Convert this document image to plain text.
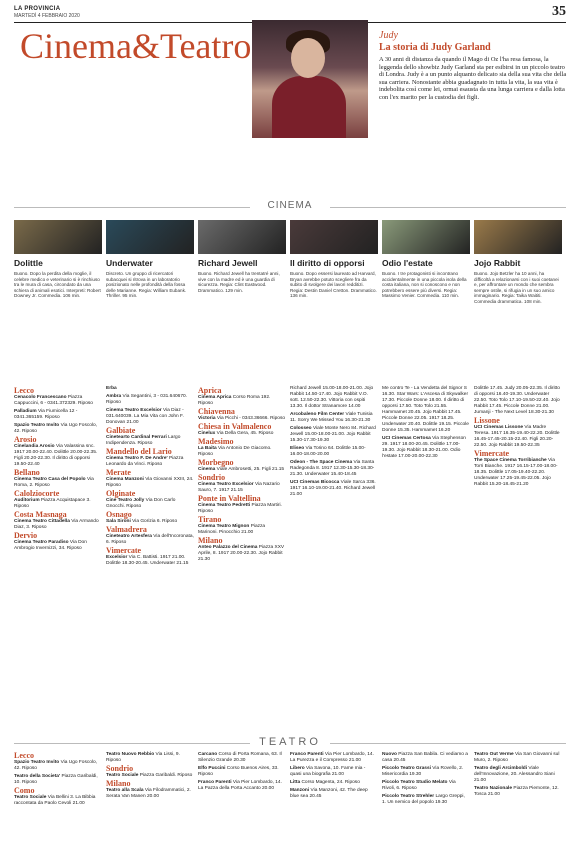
LA PROVINCIA
MARTEDÌ 4 FEBBRAIO 2020	35
Cinema&Teatro	Judy
La storia di Judy Garland

A 30 anni di distanza da quando il Mago di Oz l'ha resa famosa, la leggenda dello showbiz Judy Garland sta per esibirsi in un piccolo teatro di Londra. Judy è a un punto alquanto delicato sia della sua vita che della sua carriera. Nonostante abbia guadagnato in tutta la vita, la sua vita è indebolita così come lei, ormai esausta da una lunga carriera e dalla lotta con l'ex marito per la custodia dei figli.

CINEMA
Dolittle
Buono. Dopo la perdita della moglie, il celebre medico e veterinario si è rinchiuso tra le mura di casa, circondato da una schiera di animali esotici. Interpreti: Robert Downey Jr. Commedia. 106 min.
Underwater
Discreto. Un gruppo di ricercatori subacquei si ritrova in un laboratorio posizionato nelle profondità della fossa delle Marianne. Regia: William Eubank. Thriller. 95 min.
Richard Jewell
Buono. Richard Jewell ha trentatré anni, vive con la madre ed è una guardia di sicurezza. Regia: Clint Eastwood. Drammatico. 129 min.
Il diritto di opporsi
Buono. Dopo essersi laureato ad Harvard, Bryan avrebbe potuto scegliere fra da subito di svolgere dei lavori redditizi. Regia: Destin Daniel Cretton. Drammatico. 136 min.
Odio l'estate
Buono. I tre protagonisti si incontrano accidentalmente in una piccola isola della costa italiana, non si conoscono e non potrebbero essere più diversi. Regia: Massimo Venier. Commedia. 110 min.
Jojo Rabbit
Buono. Jojo Betzler ha 10 anni, ha difficoltà a relazionarsi con i suoi coetanei e, per affrontare un mondo che sembra sempre ostile, si rifugia in un suo amico immaginario. Regia: Taika Waititi. Commedia drammatica. 108 min.
Lecco

Cenacolo Francescano Piazza Cappuccini, 6 - 0341.372329. Riposo

Palladium Via Fiumicella 12 - 0341.365159. Riposo

Spazio Teatro Invito Via Ugo Foscolo, 42. Riposo

Arosio

Cinelandia Arosio Via Valassina snc. 1917 20.00-22.40. Dolittle 20.00-22.35. Figli 20.20-22.30. Il diritto di opporsi 19.50-22.40

Bellano

Cinema Teatro Casa del Popolo Via Roma, 2. Riposo

Calolziocorte

Auditorium Piazza Acquistapace 3. Riposo

Costa Masnaga

Cinema Teatro Cittadella Via Armando Diaz, 3. Riposo

Dervio

Cinema Teatro Paradiso Via Don Ambrogio Invernizzi, 34. Riposo

Erba

Ambra Via Segantini, 3 - 031.640670. Riposo

Cinema Teatro Excelsior Via Diaz - 031.640039. La Mia Vita con John F. Donovan 21.00

Galbiate

Cinetearto Cardinal Ferrari Largo Indipendenza. Riposo

Mandello del Lario

Cinema Teatro F. De Andre' Piazza Leonardo da Vinci. Riposo

Merate

Cinema Manzoni Via Giovanni XXIII, 24. Riposo

Olginate

Cine Teatro Jolly Via Don Carlo Gnocchi. Riposo

Osnago

Sala Sironi Via Gorizia 6. Riposo

Valmadrera

Cineteatro Artesfera Via dell'Incoronata, 6. Riposo

Vimercate

Excelsior Via C. Battisti. 1917 21.00. Dolittle 18.30-20.45. Underwater 21.15

Aprica

Cinema Aprica Corso Roma 192. Riposo

Chiavenna

Victoria Via Picchi - 0343.36666. Riposo

Chiesa in Valmalenco

Cinelux Via Della Gera, 45. Riposo

Madesimo

La Baita Via Antonio De Giacomo. Riposo

Morbegno

Cinema Viale Ambrosetti, 25. Figli 21.15

Sondrio

Cinema Teatro Excelsior Via Nazario Sauro, 7. 1917 21.15

Ponte in Valtellina

Cinema Teatro Pedretti Piazza Martiri. Riposo

Tirano

Cinema Teatro Mignon Piazza Marinoni. Pinocchio 21.00

Milano

Anteo Palazzo del Cinema Piazza XXV Aprile, 8. 1917 20.00-22.30. Jojo Rabbit 21.30

Richard Jewell 15.00-18.00-21.00. Jojo Rabbit 14.50-17.40. Jojo Rabbit V.O. sott. 12.50-22.30. Vittoria con ospiti 13.30. Il dottor Stranamore 14.00

Arcobaleno Film Center Viale Tunisia 11. Sorry We Missed You 16.30-21.30

Colosseo Viale Monte Nero 84. Richard Jewell 15.00-18.00-21.00. Jojo Rabbit 15.30-17.30-19.30

Eliseo Via Torino 64. Dolittle 15.00-16.00-18.00-20.00

Odeon - The Space Cinema Via Santa Radegonda 8. 1917 12.30-15.30-18.30-21.30. Underwater 15.40-18.45

UCI Cinemas Bicocca Viale Sarca 336. 1917 16.10-19.00-21.40. Richard Jewell 21.00

Me contro Te - La Vendetta del Signor S 16.30. Star Wars: L'Ascesa di Skywalker 17.30. Piccole Donne 18.00. Il diritto di opporsi 17.50. Toto Tolo 21.55. Hammamet 20.45. Jojo Rabbit 17.45. Piccole Donne 22.05. 1917 18.25. Underwater 20.40. Dolittle 19.15. Piccole Donne 15.35. Hammamet 16.20

UCI Cinemas Certosa Via Stephenson 29. 1917 18.00-20.45. Dolittle 17.00-19.30. Jojo Rabbit 18.30-21.00. Odio l'estate 17.00-20.00-22.30

Dolittle 17.45. Judy 20.05-22.35. Il diritto di opporsi 16.40-19.30. Underwater 22.50. Toto Tolo 17.10-19.50-22.40. Jojo Rabbit 17.45. Piccole Donne 21.00. Jumanji - The Next Level 18.30-21.30

Lissone

UCI Cinemas Lissone Via Madre Teresa. 1917 16.35-19.40-22.20. Dolittle 16.45-17.45-20.15-22.40. Figli 20.20-22.50. Jojo Rabbit 19.50-22.35

Vimercate

The Space Cinema Torribianche Via Torri Bianche. 1917 16.15-17.00-18.00-18.35. Dolittle 17.05-19.40-22.20. Underwater 17.25-19.45-22.05. Jojo Rabbit 15.20-18.45-21.20

TEATRO
Lecco

Spazio Teatro Invito Via Ugo Foscolo, 42. Riposo

Teatro della Societa' Piazza Garibaldi, 10. Riposo

Como

Teatro Sociale Via Bellini 3. La Bibbia raccontata da Paolo Cevoli 21.00

Teatro Nuovo Rebbio Via Lissi, 9. Riposo

Sondrio

Teatro Sociale Piazza Garibaldi. Riposo

Milano

Teatro alla Scala Via Filodrammatici, 2. Serata Van Manen 20.00

Carcano Corso di Porta Romana, 63. Il Silenzio Grande 20.30

Elfo Puccini Corso Buenos Aires, 33. Riposo

Franco Parenti Via Pier Lombardo, 14. La Pazza della Porta Accanto 20.00

Franco Parenti Via Pier Lombardo, 14. La Purezza e il Compresso 21.00

Libero Via Savona, 10. Fame mia - quasi una biografia 21.00

Litta Corso Magenta, 24. Riposo

Manzoni Via Manzoni, 42. The deep blue sea 20.45

Nuovo Piazza San Babila. Ci vediamo a casa 20.45

Piccolo Teatro Grassi Via Rovello, 2. Misericordia 19.30

Piccolo Teatro Studio Melato Via Rivoli, 6. Riposo

Piccolo Teatro Strehler Largo Greppi, 1. Un nemico del popolo 19.30

Teatro Out Verme Via San Giovanni sul Muro, 2. Riposo

Teatro degli Arcimboldi Viale dell'Innovazione, 20. Alessandro Siani 21.00

Teatro Nazionale Piazza Piemonte, 12. Tosca 21.00
